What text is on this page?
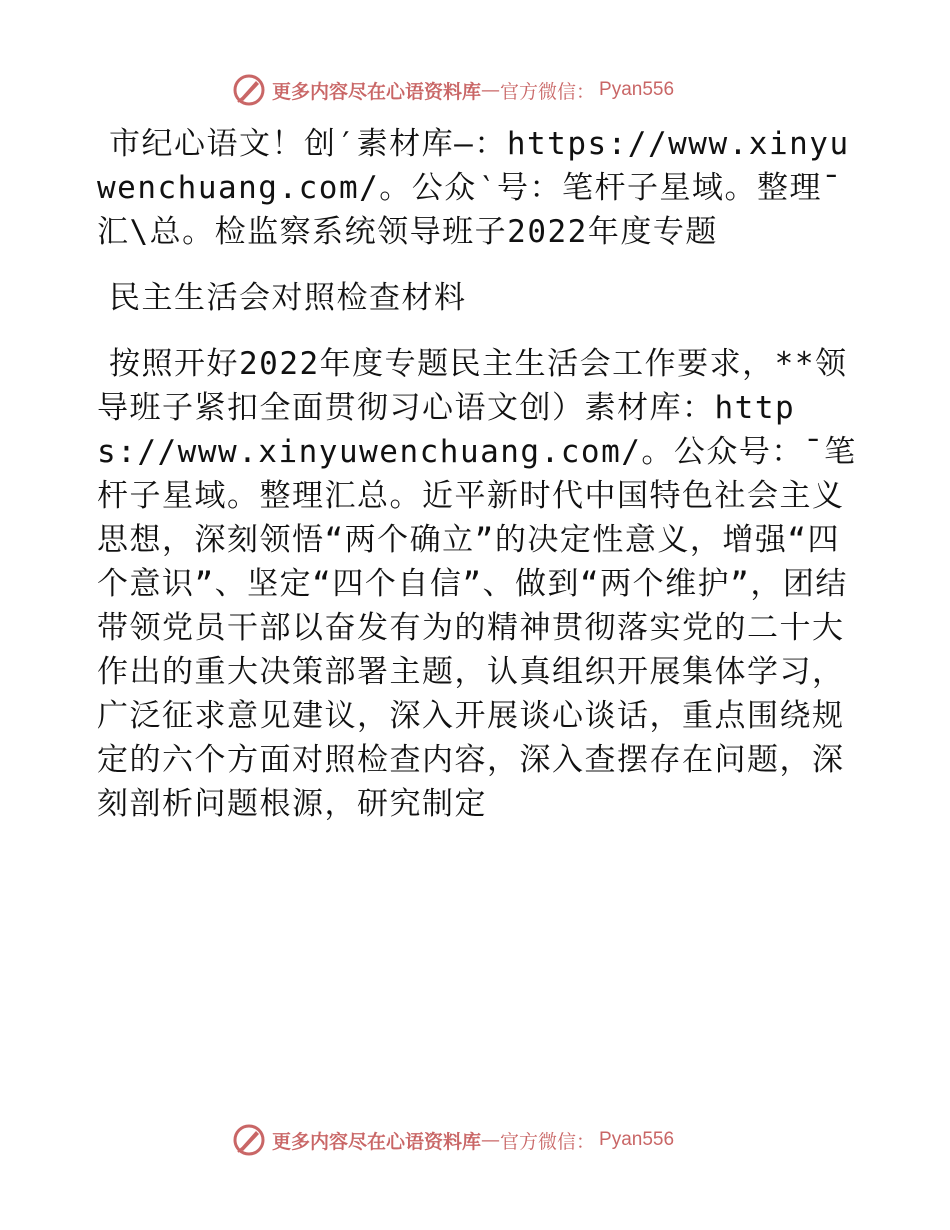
更多内容尽在心语资料库 — 官方微信： Pyan556

市纪心语文！创′素材库—：https://www.xinyuwenchuang.com/。公众‵号：笔杆子星域。整理¯汇\总。检监察系统领导班子2022年度专题

民主生活会对照检查材料

按照开好2022年度专题民主生活会工作要求，**领导班子紧扣全面贯彻习心语文创）素材库：https://www.xinyuwenchuang.com/。公众号：¯笔杆子星域。整理汇总。近平新时代中国特色社会主义思想，深刻领悟“两个确立”的决定性意义，增强“四个意识”、坚定“四个自信”、做到“两个维护”，团结带领党员干部以奋发有为的精神贯彻落实党的二十大作出的重大决策部署主题，认真组织开展集体学习，广泛征求意见建议，深入开展谈心谈话，重点围绕规定的六个方面对照检查内容，深入查摆存在问题，深刻剖析问题根源，研究制定

更多内容尽在心语资料库 — 官方微信： Pyan556
